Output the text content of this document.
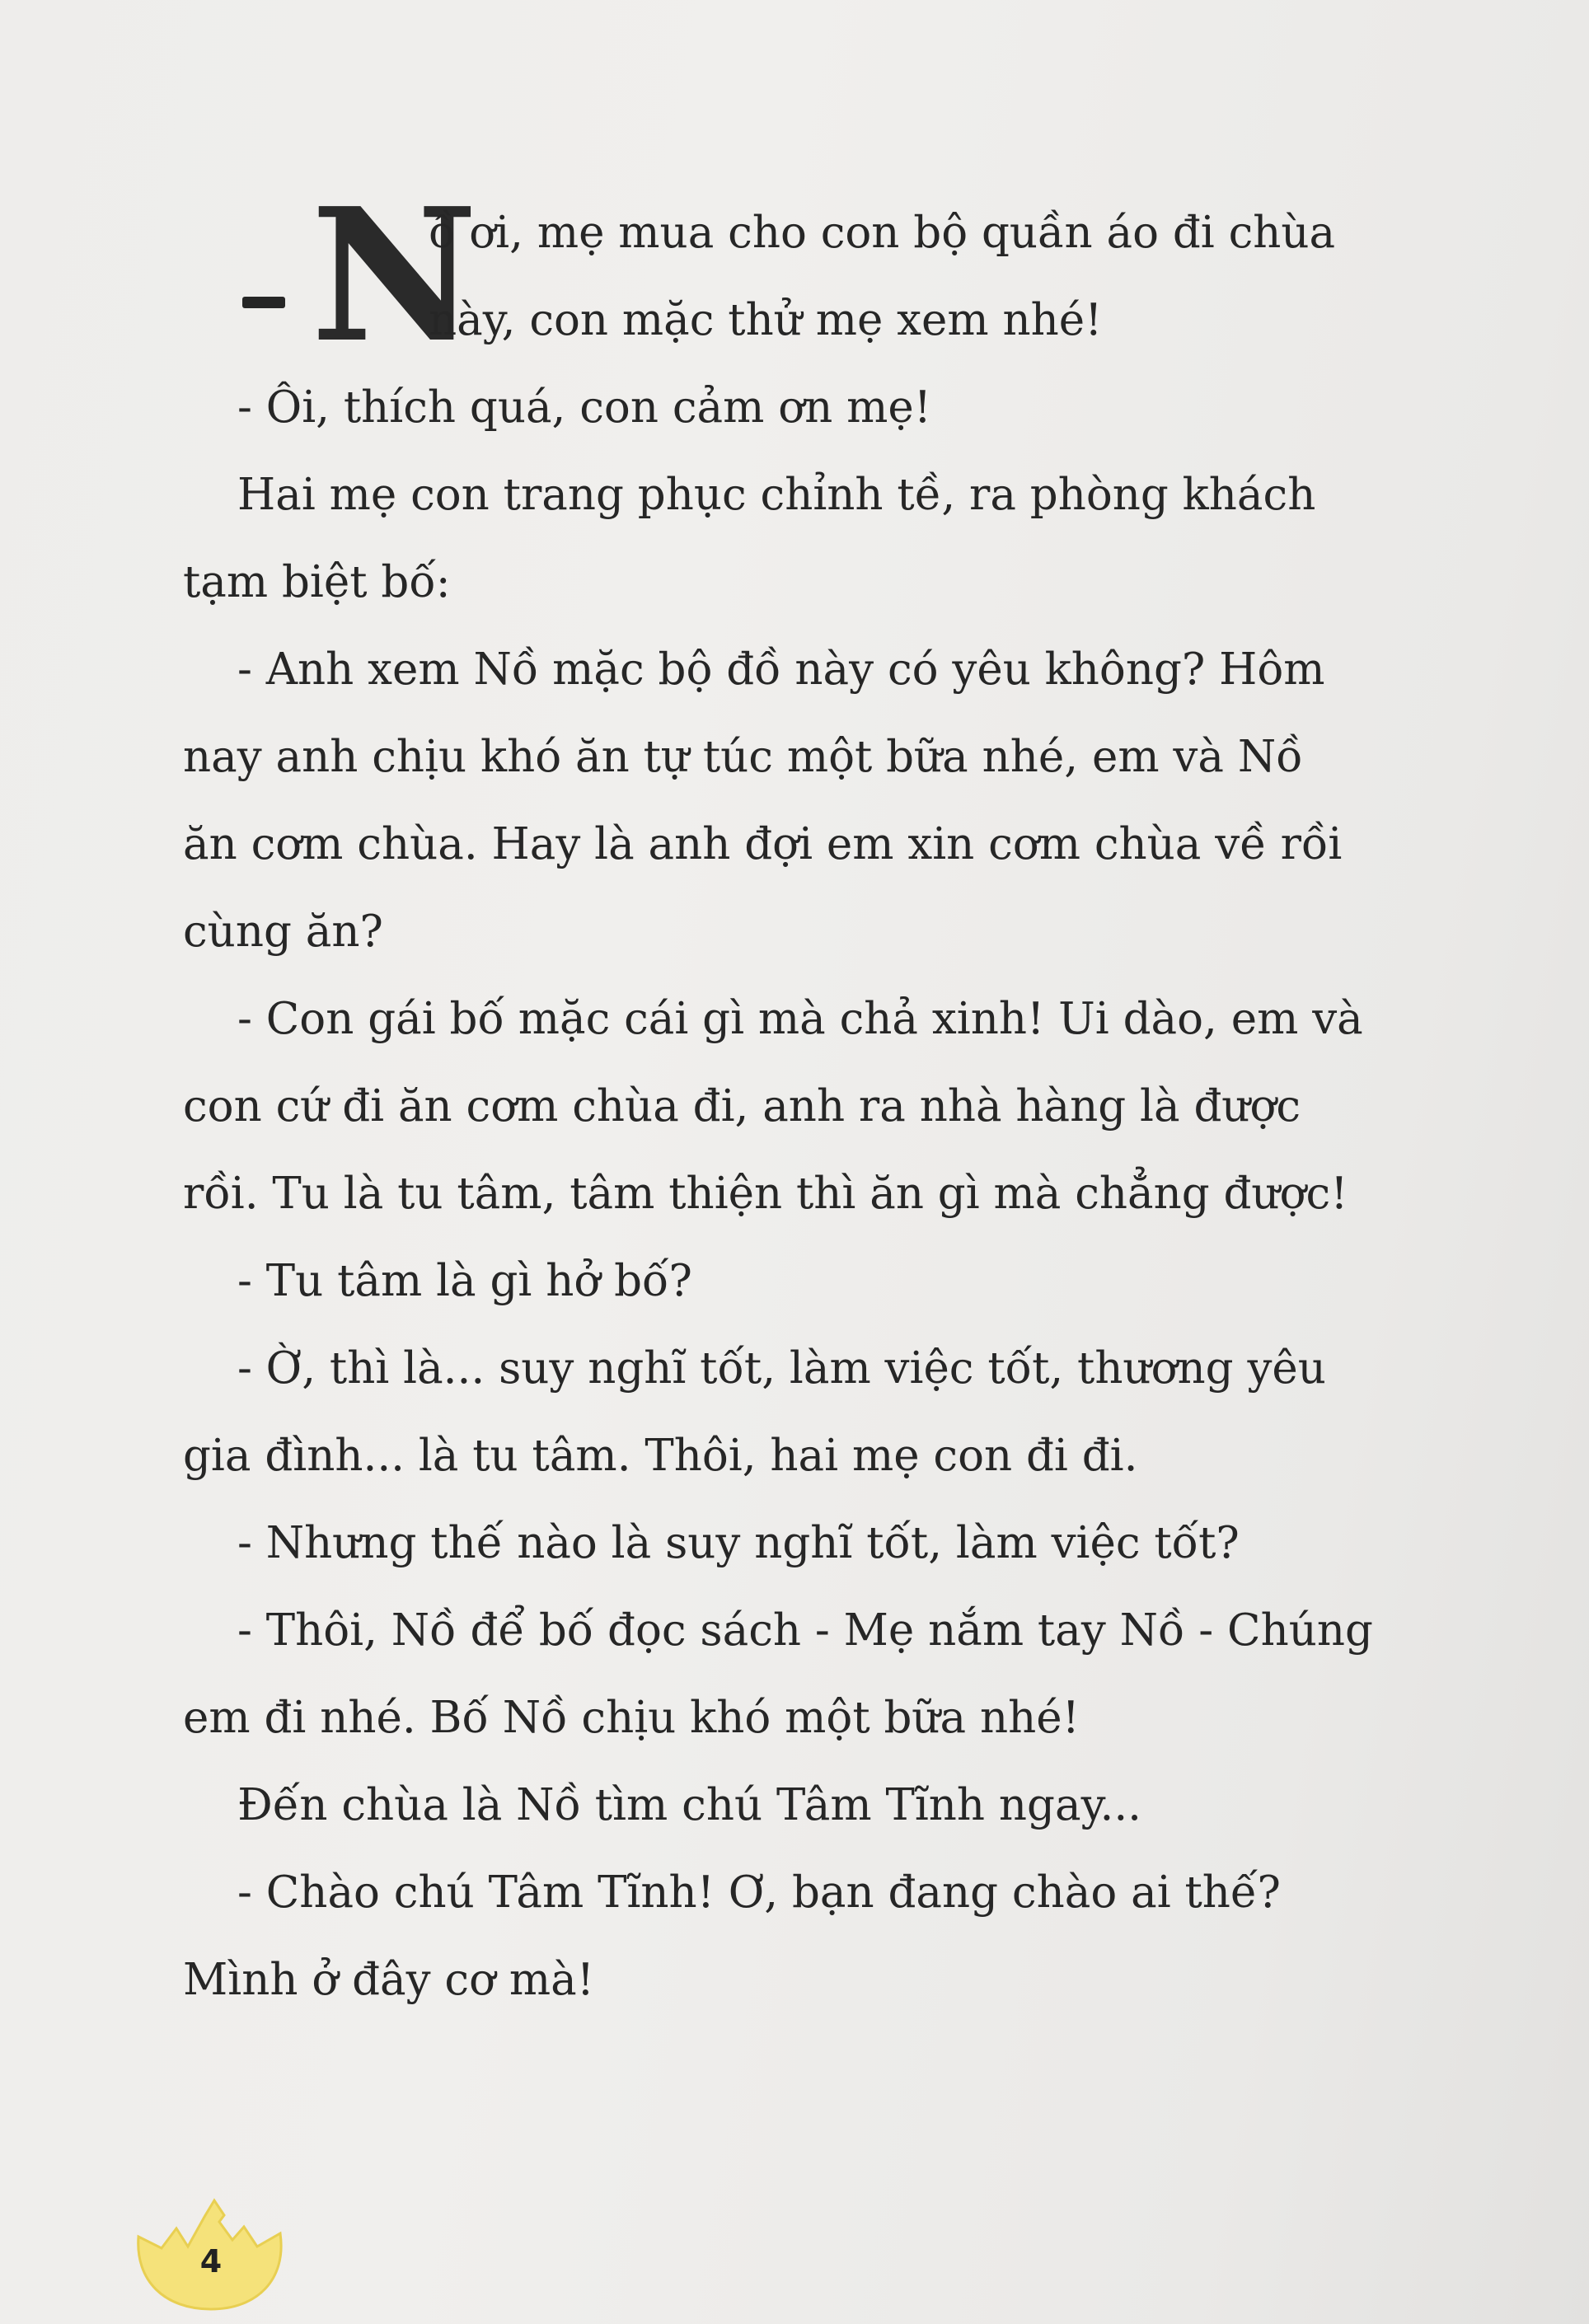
N

ồ ơi, mẹ mua cho con bộ quần áo đi chùa

này, con mặc thử mẹ xem nhé!

- Ôi, thích quá, con cảm ơn mẹ!

Hai mẹ con trang phục chỉnh tề, ra phòng khách

tạm biệt bố:

- Anh xem Nồ mặc bộ đồ này có yêu không? Hôm

nay anh chịu khó ăn tự túc một bữa nhé, em và Nồ

ăn cơm chùa. Hay là anh đợi em xin cơm chùa về rồi

cùng ăn?

- Con gái bố mặc cái gì mà chả xinh! Ui dào, em và

con cứ đi ăn cơm chùa đi, anh ra nhà hàng là được

rồi. Tu là tu tâm, tâm thiện thì ăn gì mà chẳng được!

- Tu tâm là gì hở bố?

- Ờ, thì là... suy nghĩ tốt, làm việc tốt, thương yêu

gia đình... là tu tâm. Thôi, hai mẹ con đi đi.

- Nhưng thế nào là suy nghĩ tốt, làm việc tốt?

- Thôi, Nồ để bố đọc sách - Mẹ nắm tay Nồ - Chúng

em đi nhé. Bố Nồ chịu khó một bữa nhé!

Đến chùa là Nồ tìm chú Tâm Tĩnh ngay...

- Chào chú Tâm Tĩnh! Ơ, bạn đang chào ai thế?

Mình ở đây cơ mà!

4
